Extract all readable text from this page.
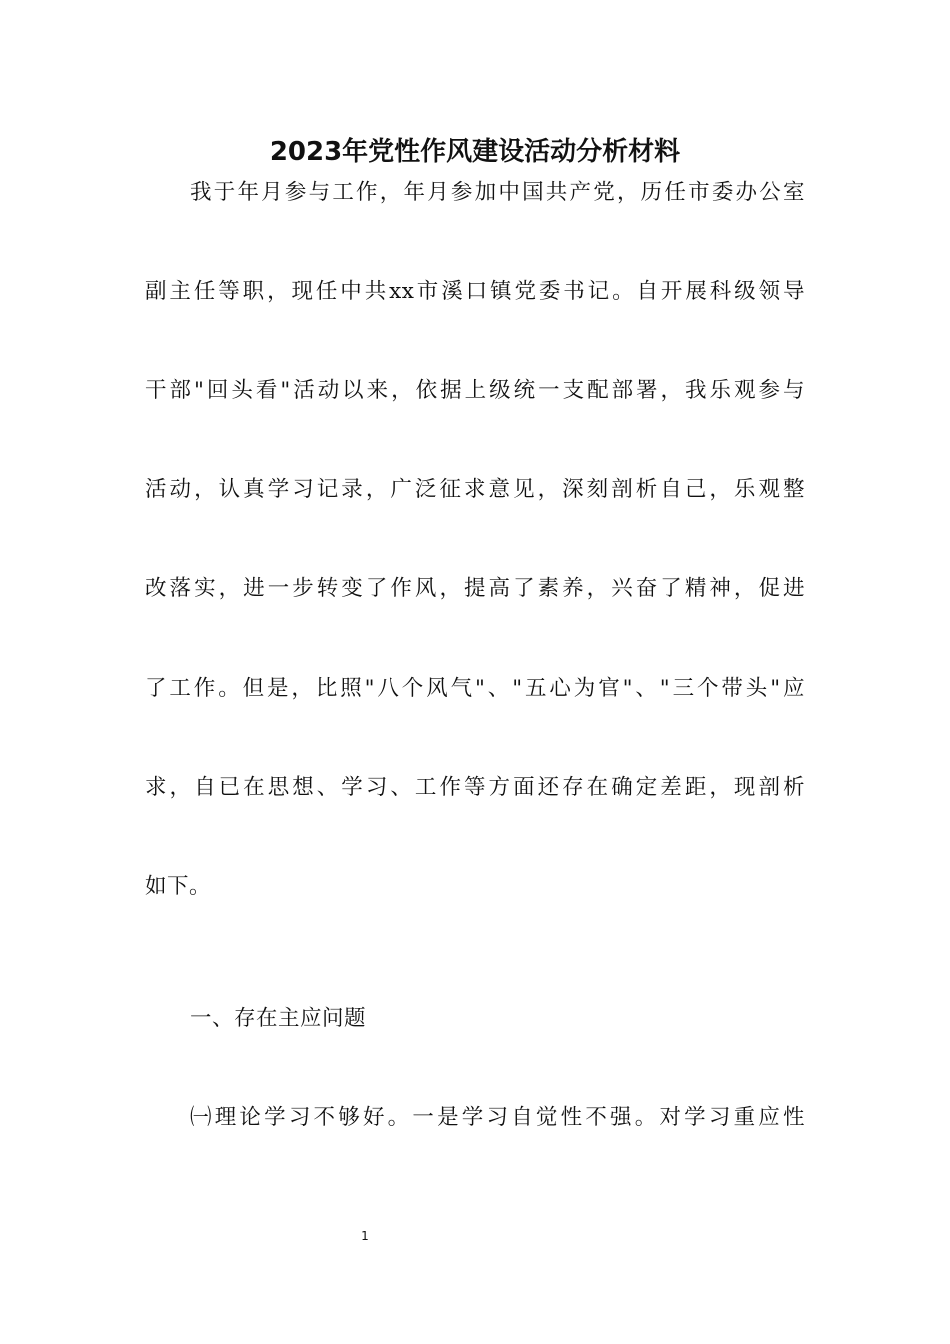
2023年党性作风建设活动分析材料
我于年月参与工作，年月参加中国共产党，历任市委办公室
副主任等职，现任中共xx市溪口镇党委书记。自开展科级领导
干部"回头看"活动以来，依据上级统一支配部署，我乐观参与
活动，认真学习记录，广泛征求意见，深刻剖析自己，乐观整
改落实，进一步转变了作风，提高了素养，兴奋了精神，促进
了工作。但是，比照"八个风气"、"五心为官"、"三个带头"应
求，自已在思想、学习、工作等方面还存在确定差距，现剖析
如下。
一、存在主应问题
㈠理论学习不够好。一是学习自觉性不强。对学习重应性
1
